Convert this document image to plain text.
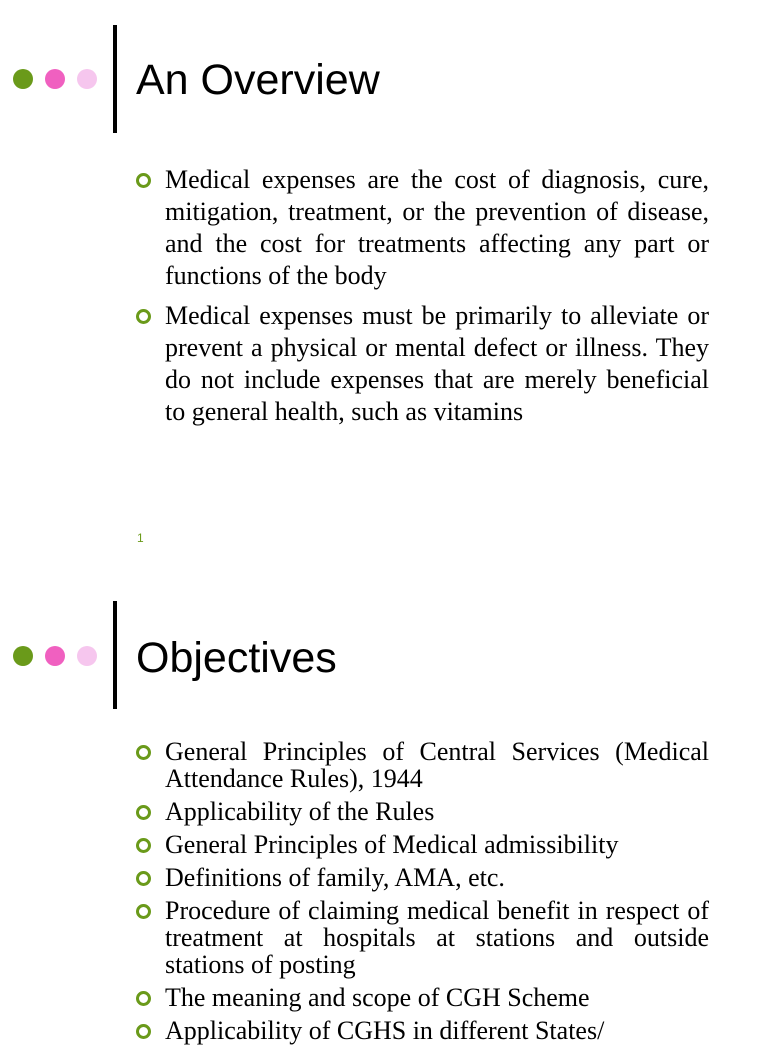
An Overview
Medical expenses are the cost of diagnosis, cure, mitigation, treatment, or the prevention of disease, and the cost for treatments affecting any part or functions of the body
Medical expenses must be primarily to alleviate or prevent a physical or mental defect or illness. They do not include expenses that are merely beneficial to general health, such as vitamins
1
Objectives
General Principles of Central Services (Medical Attendance Rules), 1944
Applicability of the Rules
General Principles of Medical admissibility
Definitions of family, AMA, etc.
Procedure of claiming medical benefit in respect of treatment at hospitals at stations and outside stations of posting
The meaning and scope of CGH Scheme
Applicability of CGHS in different States/
